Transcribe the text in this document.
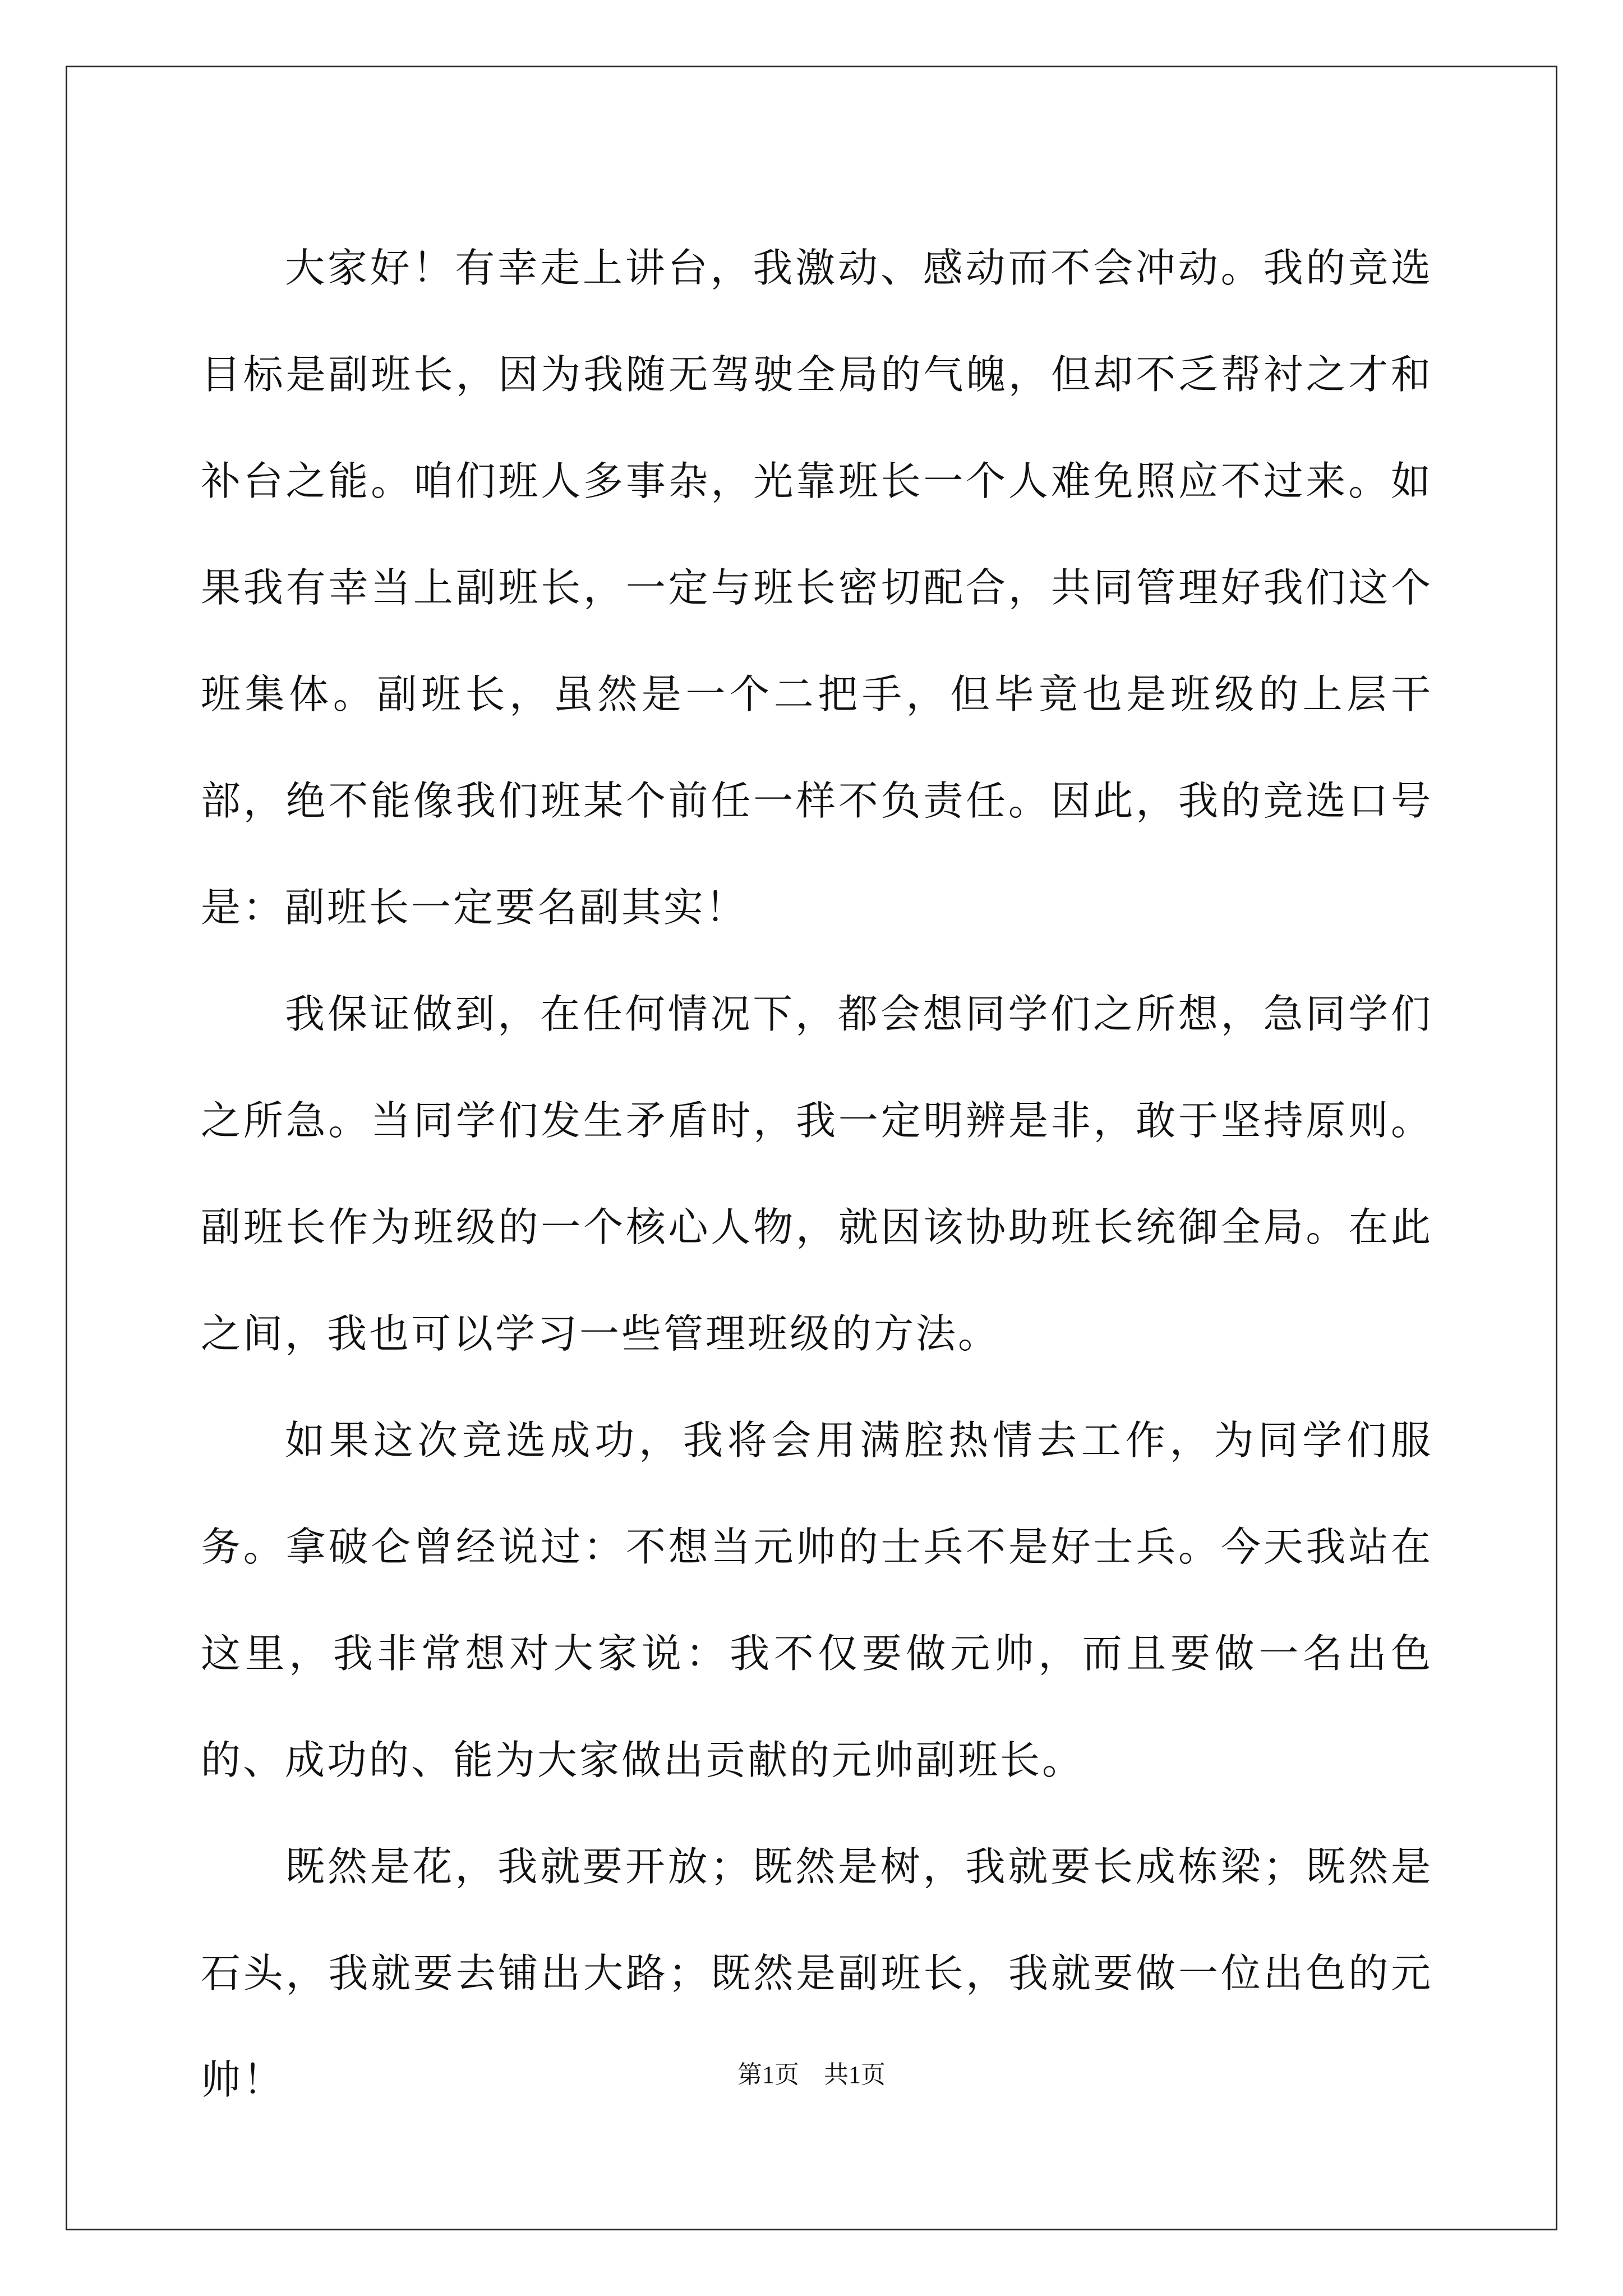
大家好！有幸走上讲台，我激动、感动而不会冲动。我的竞选目标是副班长，因为我随无驾驶全局的气魄，但却不乏帮衬之才和补台之能。咱们班人多事杂，光靠班长一个人难免照应不过来。如果我有幸当上副班长，一定与班长密切配合，共同管理好我们这个班集体。副班长，虽然是一个二把手，但毕竟也是班级的上层干部，绝不能像我们班某个前任一样不负责任。因此，我的竞选口号是：副班长一定要名副其实！

我保证做到，在任何情况下，都会想同学们之所想，急同学们之所急。当同学们发生矛盾时，我一定明辨是非，敢于坚持原则。副班长作为班级的一个核心人物，就因该协助班长统御全局。在此之间，我也可以学习一些管理班级的方法。

如果这次竞选成功，我将会用满腔热情去工作，为同学们服务。拿破仑曾经说过：不想当元帅的士兵不是好士兵。今天我站在这里，我非常想对大家说：我不仅要做元帅，而且要做一名出色的、成功的、能为大家做出贡献的元帅副班长。

既然是花，我就要开放；既然是树，我就要长成栋梁；既然是石头，我就要去铺出大路；既然是副班长，我就要做一位出色的元帅！	第1页　共1页
